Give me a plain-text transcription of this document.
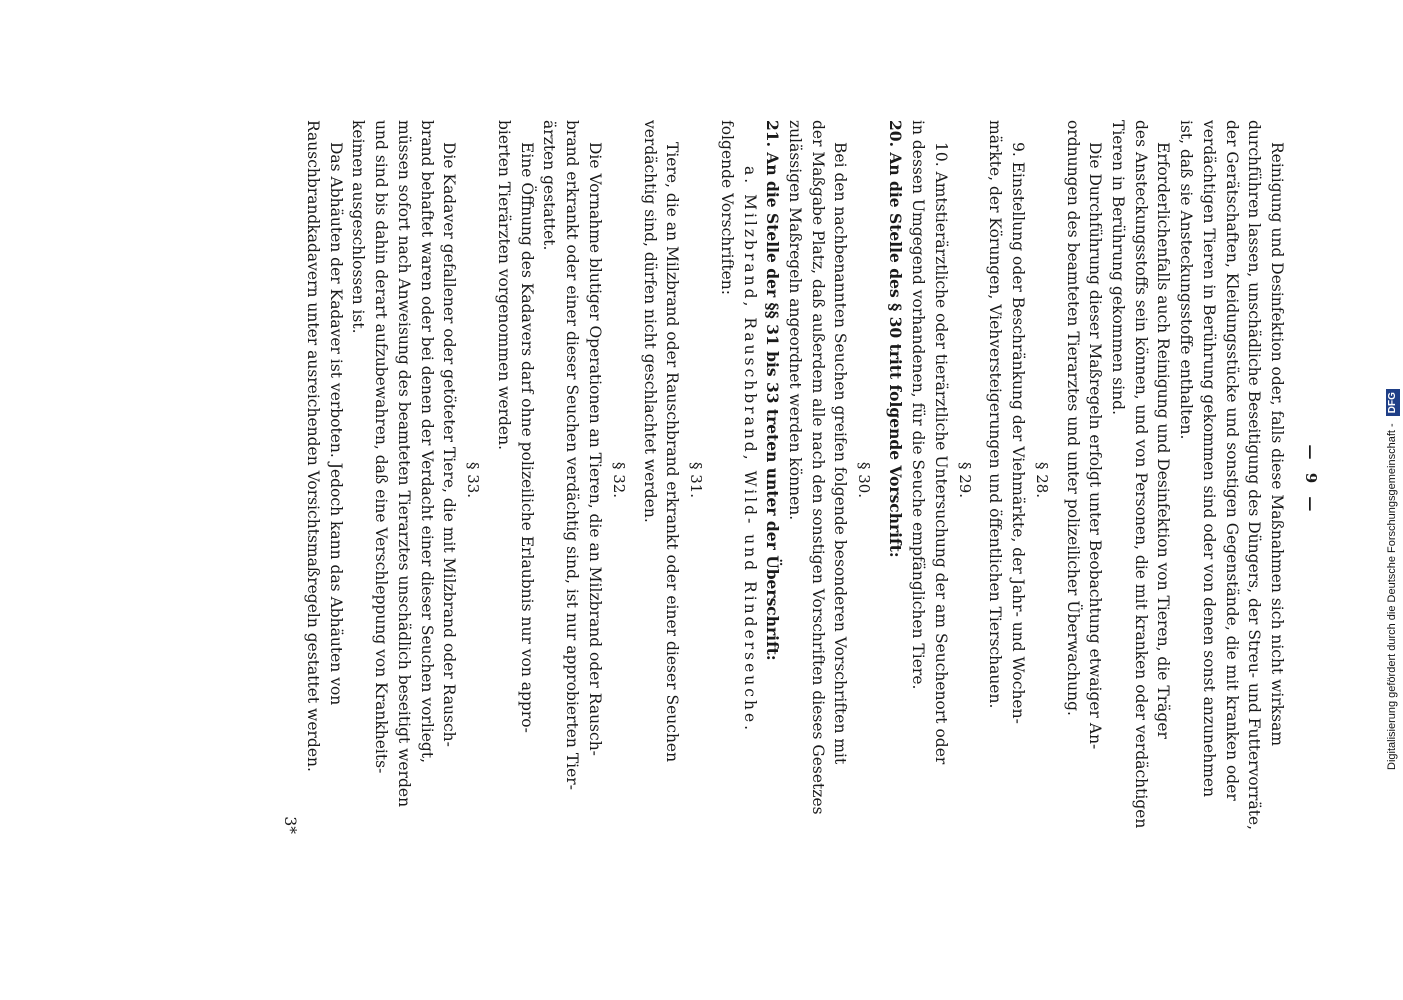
— 9 —
Reinigung und Desinfektion oder, falls diese Maßnahmen sich nicht wirksam
durchführen lassen, unschädliche Beseitigung des Düngers, der Streu- und Futtervorräte,
der Gerätschaften, Kleidungsstücke und sonstigen Gegenstände, die mit kranken oder
verdächtigen Tieren in Berührung gekommen sind oder von denen sonst anzunehmen
ist, daß sie Ansteckungsstoffe enthalten.
Erforderlichenfalls auch Reinigung und Desinfektion von Tieren, die Träger
des Ansteckungsstoffs sein können, und von Personen, die mit kranken oder verdächtigen
Tieren in Berührung gekommen sind.
Die Durchführung dieser Maßregeln erfolgt unter Beobachtung etwaiger An-
ordnungen des beamteten Tierarztes und unter polizeilicher Überwachung.
§ 28.
9. Einstellung oder Beschränkung der Viehmärkte, der Jahr- und Wochen-
märkte, der Körungen, Viehversteigerungen und öffentlichen Tierschauen.
§ 29.
10. Amtstierärztliche oder tierärztliche Untersuchung der am Seuchenort oder
in dessen Umgegend vorhandenen, für die Seuche empfänglichen Tiere.
20. An die Stelle des § 30 tritt folgende Vorschrift:
§ 30.
Bei den nachbenannten Seuchen greifen folgende besonderen Vorschriften mit
der Maßgabe Platz, daß außerdem alle nach den sonstigen Vorschriften dieses Gesetzes
zulässigen Maßregeln angeordnet werden können.
21. An die Stelle der §§ 31 bis 33 treten unter der Überschrift:
a. Milzbrand, Rauschbrand, Wild- und Rinderseuche.
folgende Vorschriften:
§ 31.
Tiere, die an Milzbrand oder Rauschbrand erkrankt oder einer dieser Seuchen
verdächtig sind, dürfen nicht geschlachtet werden.
§ 32.
Die Vornahme blutiger Operationen an Tieren, die an Milzbrand oder Rausch-
brand erkrankt oder einer dieser Seuchen verdächtig sind, ist nur approbierten Tier-
ärzten gestattet.
Eine Öffnung des Kadavers darf ohne polizeiliche Erlaubnis nur von appro-
bierten Tierärzten vorgenommen werden.
§ 33.
Die Kadaver gefallener oder getöteter Tiere, die mit Milzbrand oder Rausch-
brand behaftet waren oder bei denen der Verdacht einer dieser Seuchen vorliegt,
müssen sofort nach Anweisung des beamteten Tierarztes unschädlich beseitigt werden
und sind bis dahin derart aufzubewahren, daß eine Verschleppung von Krankheits-
keimen ausgeschlossen ist.
Das Abhäuten der Kadaver ist verboten. Jedoch kann das Abhäuten von
Rauschbrandkadavern unter ausreichenden Vorsichtsmaßregeln gestattet werden.
3*
Digitalisierung gefördert durch die Deutsche Forschungsgemeinschaft - DFG
